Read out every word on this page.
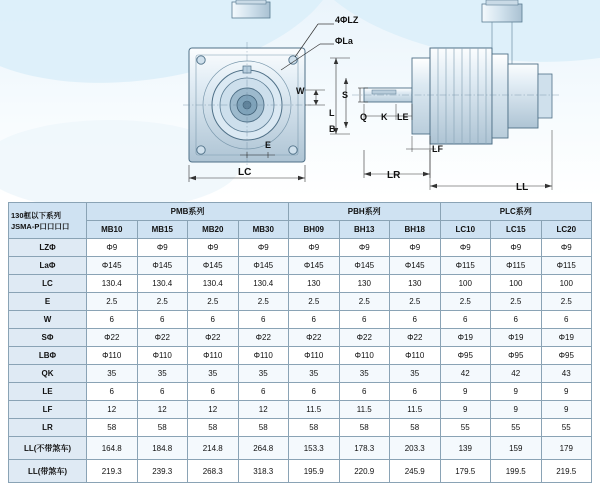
4ΦLZ
ΦLa
W
E
LC
S
L
B
Q K LE
LF
LR
LL
130框以下系列
JSMA-P口口口口	PMB系列				PBH系列			PLC系列		
	MB10	MB15	MB20	MB30	BH09	BH13	BH18	LC10	LC15	LC20
LZΦ	Φ9	Φ9	Φ9	Φ9	Φ9	Φ9	Φ9	Φ9	Φ9	Φ9
LaΦ	Φ145	Φ145	Φ145	Φ145	Φ145	Φ145	Φ145	Φ115	Φ115	Φ115
LC	130.4	130.4	130.4	130.4	130	130	130	100	100	100
E	2.5	2.5	2.5	2.5	2.5	2.5	2.5	2.5	2.5	2.5
W	6	6	6	6	6	6	6	6	6	6
SΦ	Φ22	Φ22	Φ22	Φ22	Φ22	Φ22	Φ22	Φ19	Φ19	Φ19
LBΦ	Φ110	Φ110	Φ110	Φ110	Φ110	Φ110	Φ110	Φ95	Φ95	Φ95
QK	35	35	35	35	35	35	35	42	42	43
LE	6	6	6	6	6	6	6	9	9	9
LF	12	12	12	12	11.5	11.5	11.5	9	9	9
LR	58	58	58	58	58	58	58	55	55	55
LL(不带煞车)	164.8	184.8	214.8	264.8	153.3	178.3	203.3	139	159	179
LL(带煞车)	219.3	239.3	268.3	318.3	195.9	220.9	245.9	179.5	199.5	219.5
